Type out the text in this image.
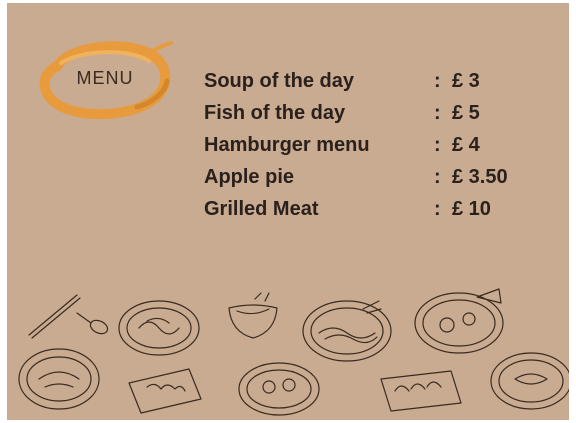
MENU	Soup of the day	: £ 3
Fish of the day	: £ 5
Hamburger menu	: £ 4
Apple pie	: £ 3.50
Grilled Meat	: £ 10
